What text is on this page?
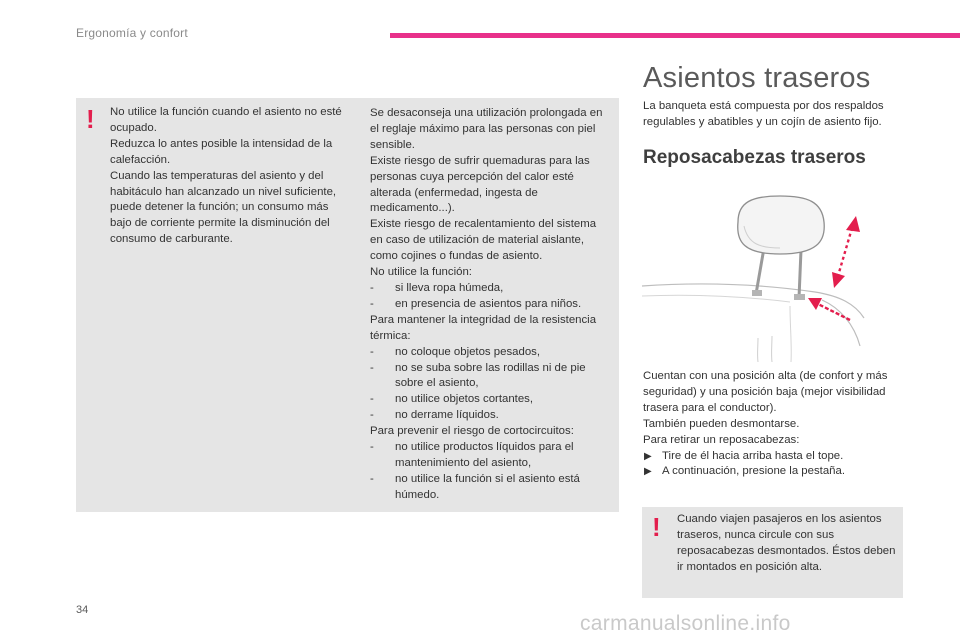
Ergonomía y confort
! No utilice la función cuando el asiento no esté ocupado.

Reduzca lo antes posible la intensidad de la calefacción.

Cuando las temperaturas del asiento y del habitáculo han alcanzado un nivel suficiente, puede detener la función; un consumo más bajo de corriente permite la disminución del consumo de carburante.

Se desaconseja una utilización prolongada en el reglaje máximo para las personas con piel sensible.

Existe riesgo de sufrir quemaduras para las personas cuya percepción del calor esté alterada (enfermedad, ingesta de medicamento...).

Existe riesgo de recalentamiento del sistema en caso de utilización de material aislante, como cojines o fundas de asiento.

No utilice la función:

- si lleva ropa húmeda,
- en presencia de asientos para niños.

Para mantener la integridad de la resistencia térmica:

- no coloque objetos pesados,
- no se suba sobre las rodillas ni de pie sobre el asiento,
- no utilice objetos cortantes,
- no derrame líquidos.

Para prevenir el riesgo de cortocircuitos:

- no utilice productos líquidos para el mantenimiento del asiento,
- no utilice la función si el asiento está húmedo.
Asientos traseros
La banqueta está compuesta por dos respaldos regulables y abatibles y un cojín de asiento fijo.
Reposacabezas traseros

Cuentan con una posición alta (de confort y más seguridad) y una posición baja (mejor visibilidad trasera para el conductor).

También pueden desmontarse.

Para retirar un reposacabezas:

▶ Tire de él hacia arriba hasta el tope.
▶ A continuación, presione la pestaña.
! Cuando viajen pasajeros en los asientos traseros, nunca circule con sus reposacabezas desmontados. Éstos deben ir montados en posición alta.
34
carmanualsonline.info
